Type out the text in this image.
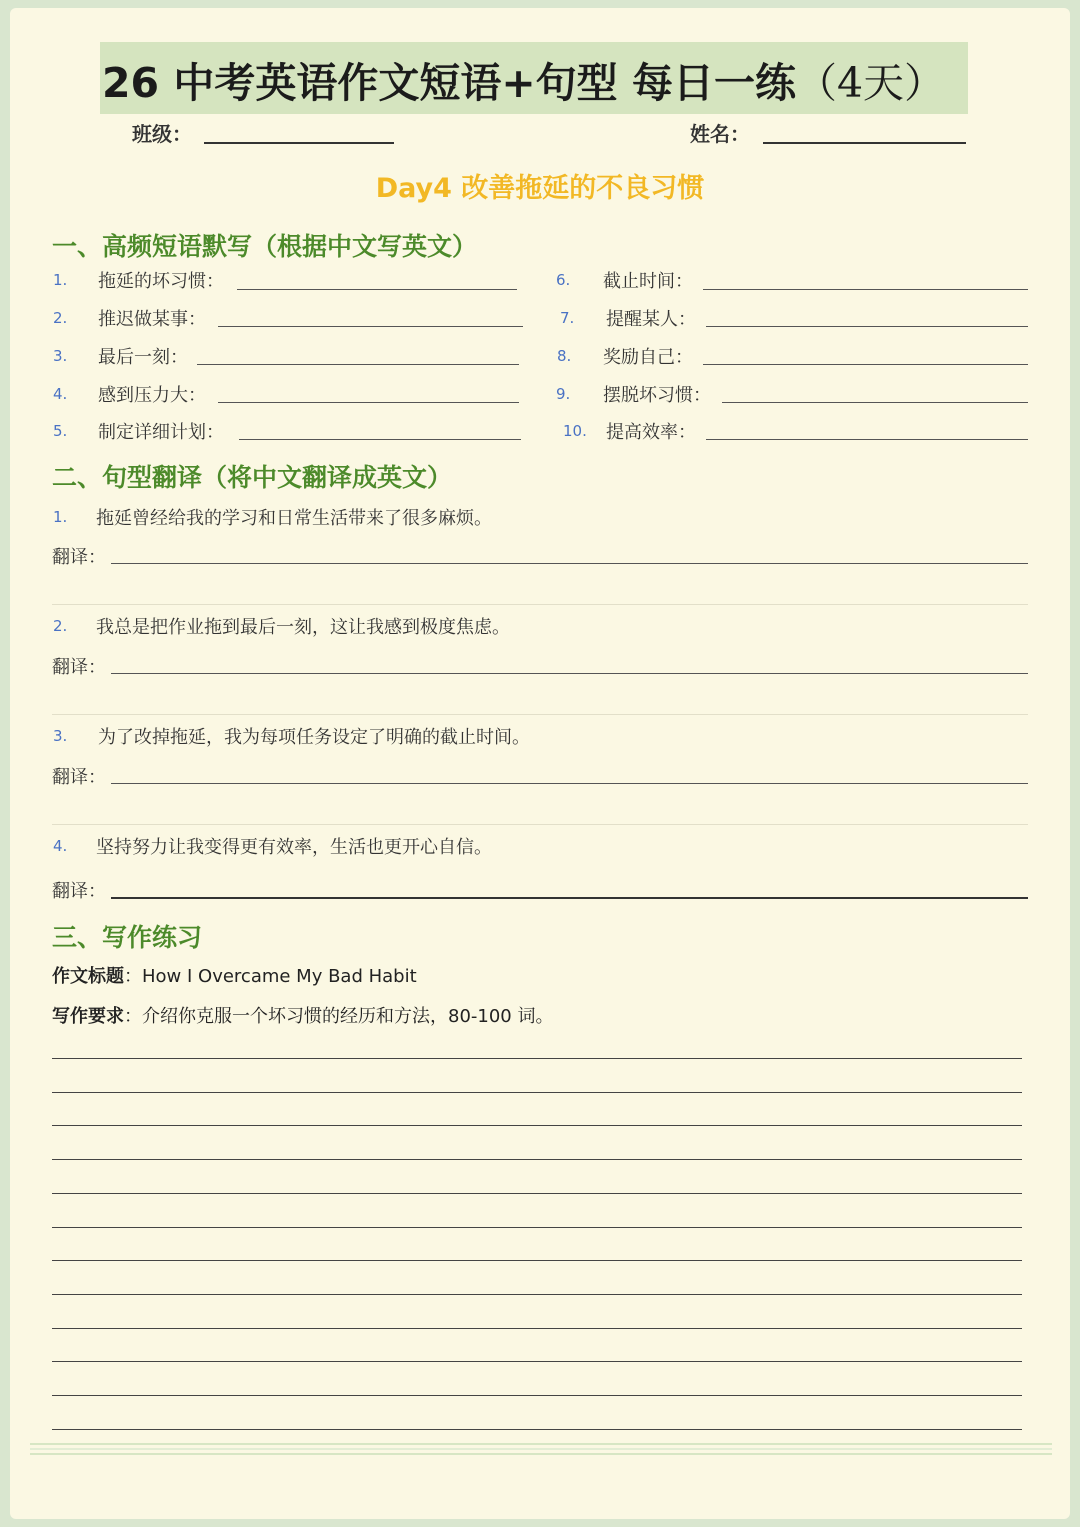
26 中考英语作文短语+句型 每日一练（4天）
班级：	姓名：
Day4 改善拖延的不良习惯
一、高频短语默写（根据中文写英文）
1. 拖延的坏习惯：
2. 推迟做某事：
3. 最后一刻：
4. 感到压力大：
5. 制定详细计划：
6. 截止时间：
7. 提醒某人：
8. 奖励自己：
9. 摆脱坏习惯：
10. 提高效率：
二、句型翻译（将中文翻译成英文）
1. 拖延曾经给我的学习和日常生活带来了很多麻烦。
翻译：
2. 我总是把作业拖到最后一刻，这让我感到极度焦虑。
翻译：
3. 为了改掉拖延，我为每项任务设定了明确的截止时间。
翻译：
4. 坚持努力让我变得更有效率，生活也更开心自信。
翻译：
三、写作练习
作文标题：How I Overcame My Bad Habit
写作要求：介绍你克服一个坏习惯的经历和方法，80-100 词。
